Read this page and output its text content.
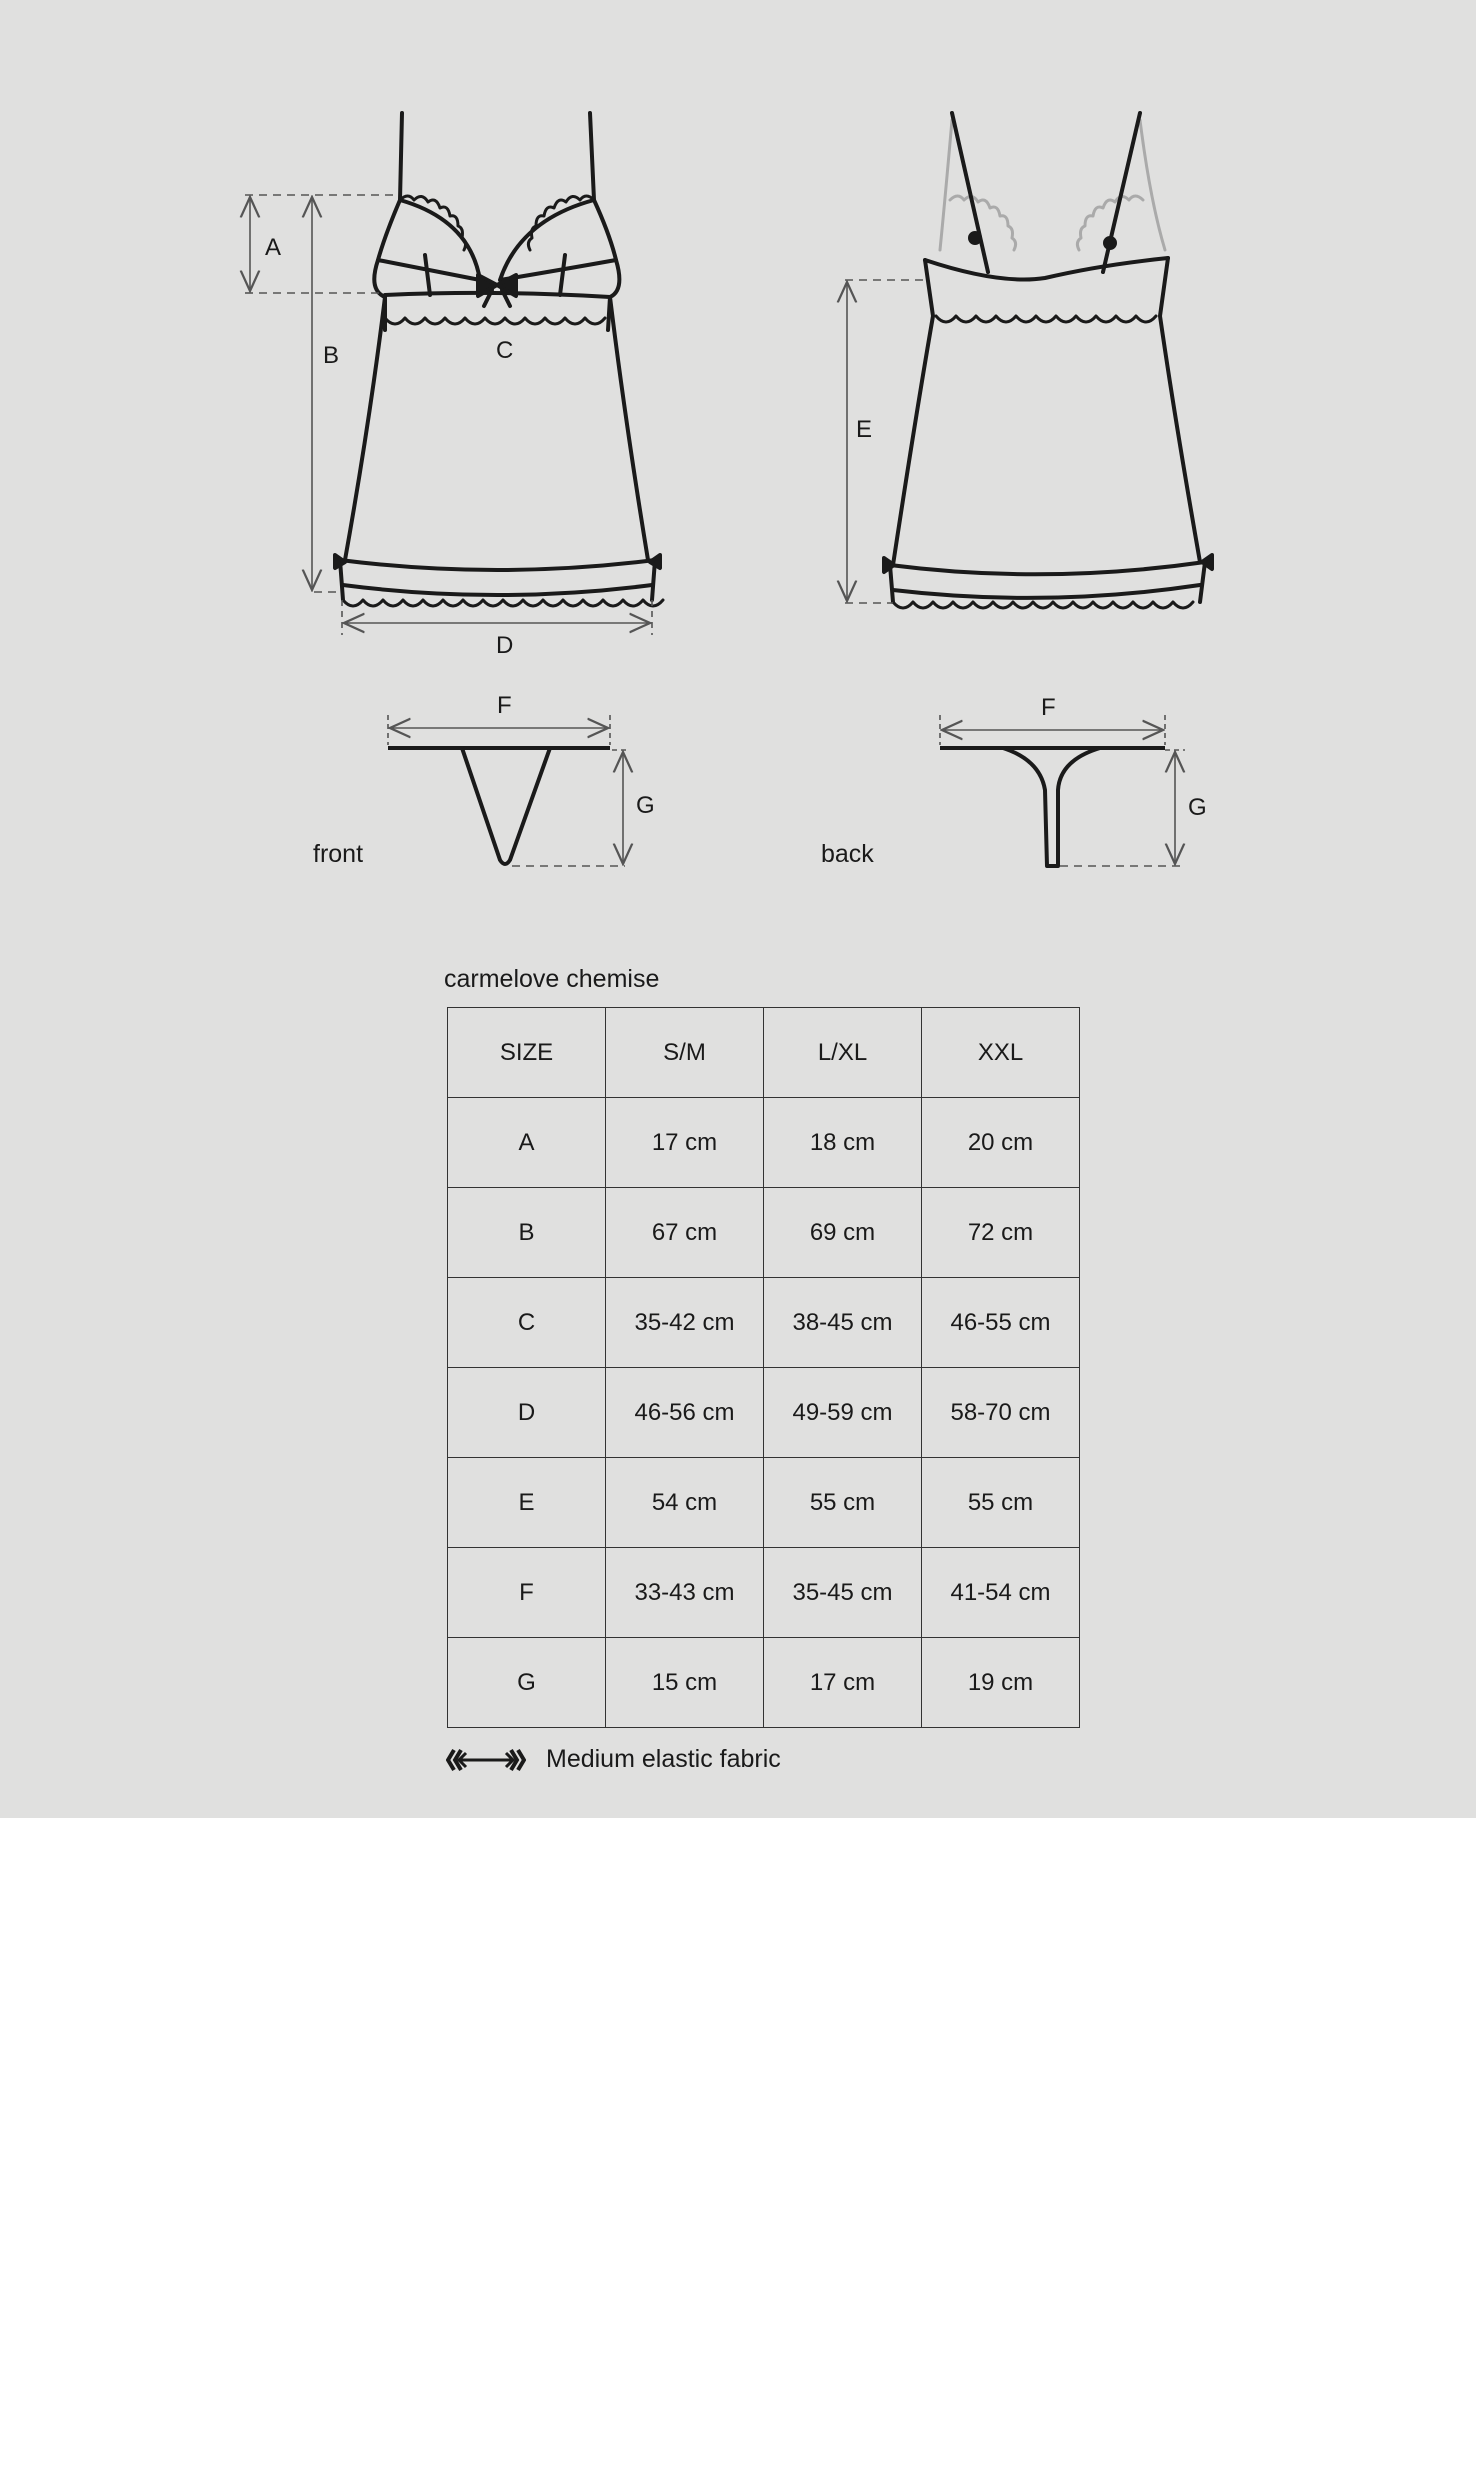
A
B	C
D
E
F
G
F
G
front	back
carmelove chemise
SIZE	S/M	L/XL	XXL
A	17 cm	18 cm	20 cm
B	67 cm	69 cm	72 cm
C	35-42 cm	38-45 cm	46-55 cm
D	46-56 cm	49-59 cm	58-70 cm
E	54 cm	55 cm	55 cm
F	33-43 cm	35-45 cm	41-54 cm
G	15 cm	17 cm	19 cm
Medium elastic fabric
